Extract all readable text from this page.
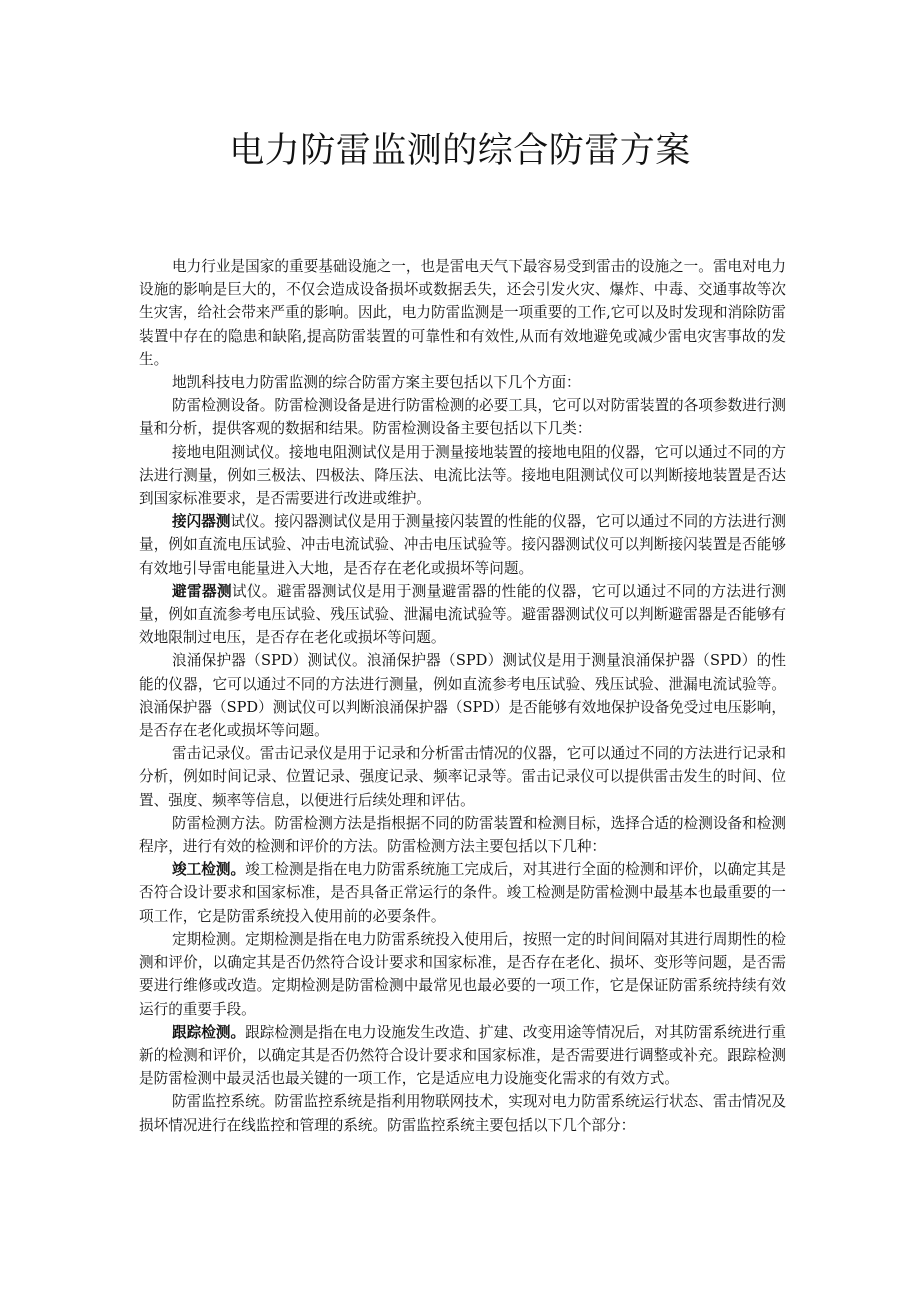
电力防雷监测的综合防雷方案

电力行业是国家的重要基础设施之一，也是雷电天气下最容易受到雷击的设施之一。雷电对电力设施的影响是巨大的，不仅会造成设备损坏或数据丢失，还会引发火灾、爆炸、中毒、交通事故等次生灾害，给社会带来严重的影响。因此，电力防雷监测是一项重要的工作,它可以及时发现和消除防雷装置中存在的隐患和缺陷,提高防雷装置的可靠性和有效性,从而有效地避免或减少雷电灾害事故的发生。

地凯科技电力防雷监测的综合防雷方案主要包括以下几个方面：

防雷检测设备。防雷检测设备是进行防雷检测的必要工具，它可以对防雷装置的各项参数进行测量和分析，提供客观的数据和结果。防雷检测设备主要包括以下几类：

接地电阻测试仪。接地电阻测试仪是用于测量接地装置的接地电阻的仪器，它可以通过不同的方法进行测量，例如三极法、四极法、降压法、电流比法等。接地电阻测试仪可以判断接地装置是否达到国家标准要求，是否需要进行改进或维护。

接闪器测试仪。接闪器测试仪是用于测量接闪装置的性能的仪器，它可以通过不同的方法进行测量，例如直流电压试验、冲击电流试验、冲击电压试验等。接闪器测试仪可以判断接闪装置是否能够有效地引导雷电能量进入大地，是否存在老化或损坏等问题。

避雷器测试仪。避雷器测试仪是用于测量避雷器的性能的仪器，它可以通过不同的方法进行测量，例如直流参考电压试验、残压试验、泄漏电流试验等。避雷器测试仪可以判断避雷器是否能够有效地限制过电压，是否存在老化或损坏等问题。

浪涌保护器（SPD）测试仪。浪涌保护器（SPD）测试仪是用于测量浪涌保护器（SPD）的性能的仪器，它可以通过不同的方法进行测量，例如直流参考电压试验、残压试验、泄漏电流试验等。浪涌保护器（SPD）测试仪可以判断浪涌保护器（SPD）是否能够有效地保护设备免受过电压影响，是否存在老化或损坏等问题。

雷击记录仪。雷击记录仪是用于记录和分析雷击情况的仪器，它可以通过不同的方法进行记录和分析，例如时间记录、位置记录、强度记录、频率记录等。雷击记录仪可以提供雷击发生的时间、位置、强度、频率等信息，以便进行后续处理和评估。

防雷检测方法。防雷检测方法是指根据不同的防雷装置和检测目标，选择合适的检测设备和检测程序，进行有效的检测和评价的方法。防雷检测方法主要包括以下几种：

竣工检测。竣工检测是指在电力防雷系统施工完成后，对其进行全面的检测和评价，以确定其是否符合设计要求和国家标准，是否具备正常运行的条件。竣工检测是防雷检测中最基本也最重要的一项工作，它是防雷系统投入使用前的必要条件。

定期检测。定期检测是指在电力防雷系统投入使用后，按照一定的时间间隔对其进行周期性的检测和评价，以确定其是否仍然符合设计要求和国家标准，是否存在老化、损坏、变形等问题，是否需要进行维修或改造。定期检测是防雷检测中最常见也最必要的一项工作，它是保证防雷系统持续有效运行的重要手段。

跟踪检测。跟踪检测是指在电力设施发生改造、扩建、改变用途等情况后，对其防雷系统进行重新的检测和评价，以确定其是否仍然符合设计要求和国家标准，是否需要进行调整或补充。跟踪检测是防雷检测中最灵活也最关键的一项工作，它是适应电力设施变化需求的有效方式。

防雷监控系统。防雷监控系统是指利用物联网技术，实现对电力防雷系统运行状态、雷击情况及损坏情况进行在线监控和管理的系统。防雷监控系统主要包括以下几个部分：
